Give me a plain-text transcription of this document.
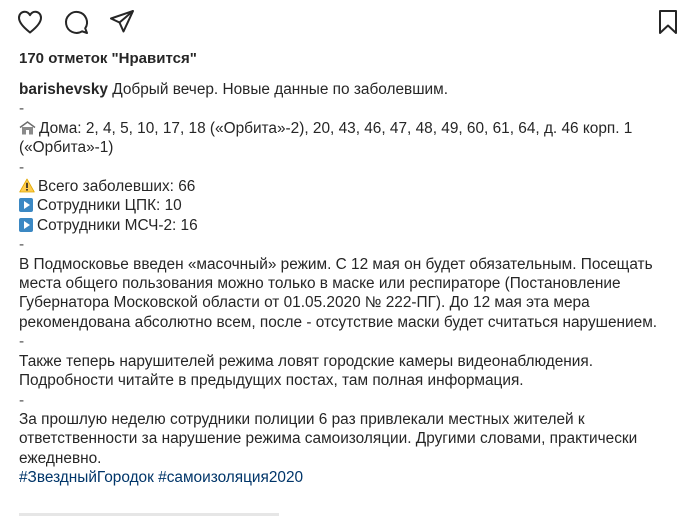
170 отметок "Нравится"
barishevsky Добрый вечер. Новые данные по заболевшим.
-
Дома: 2, 4, 5, 10, 17, 18 («Орбита»-2), 20, 43, 46, 47, 48, 49, 60, 61, 64, д. 46 корп. 1
(«Орбита»-1)
-
Всего заболевших: 66
Сотрудники ЦПК: 10
Сотрудники МСЧ-2: 16
-
В Подмосковье введен «масочный» режим. С 12 мая он будет обязательным. Посещать
места общего пользования можно только в маске или респираторе (Постановление
Губернатора Московской области от 01.05.2020 № 222-ПГ). До 12 мая эта мера
рекомендована абсолютно всем, после - отсутствие маски будет считаться нарушением.
-
Также теперь нарушителей режима ловят городские камеры видеонаблюдения.
Подробности читайте в предыдущих постах, там полная информация.
-
За прошлую неделю сотрудники полиции 6 раз привлекали местных жителей к
ответственности за нарушение режима самоизоляции. Другими словами, практически
ежедневно.
#ЗвездныйГородок #самоизоляция2020
